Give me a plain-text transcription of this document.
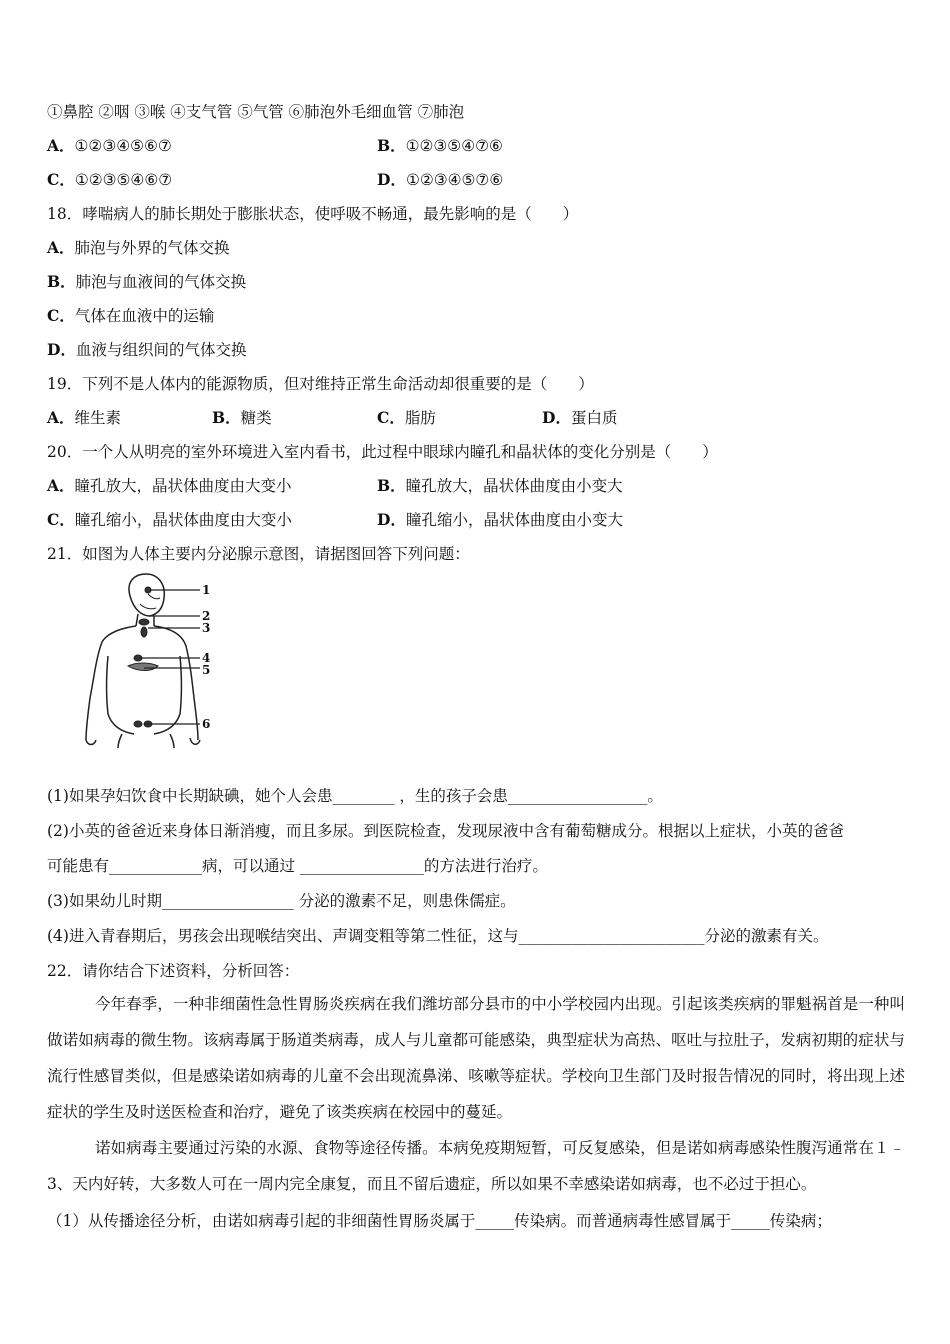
①鼻腔 ②咽 ③喉 ④支气管 ⑤气管 ⑥肺泡外毛细血管 ⑦肺泡
A．①②③④⑤⑥⑦	B．①②③⑤④⑦⑥
C．①②③⑤④⑥⑦	D．①②③④⑤⑦⑥
18．哮喘病人的肺长期处于膨胀状态，使呼吸不畅通，最先影响的是（　　）
A．肺泡与外界的气体交换
B．肺泡与血液间的气体交换
C．气体在血液中的运输
D．血液与组织间的气体交换
19．下列不是人体内的能源物质，但对维持正常生命活动却很重要的是（　　）
A．维生素	B．糖类	C．脂肪	D．蛋白质
20．一个人从明亮的室外环境进入室内看书，此过程中眼球内瞳孔和晶状体的变化分别是（　　）
A．瞳孔放大，晶状体曲度由大变小	B．瞳孔放大，晶状体曲度由小变大
C．瞳孔缩小，晶状体曲度由大变小	D．瞳孔缩小，晶状体曲度由小变大
21．如图为人体主要内分泌腺示意图，请据图回答下列问题：
1
2
3
4
5
6
(1)如果孕妇饮食中长期缺碘，她个人会患________ ，生的孩子会患__________________。
(2)小英的爸爸近来身体日渐消瘦，而且多尿。到医院检查，发现尿液中含有葡萄糖成分。根据以上症状，小英的爸爸
可能患有____________病，可以通过 ________________的方法进行治疗。
(3)如果幼儿时期_________________ 分泌的激素不足，则患侏儒症。
(4)进入青春期后，男孩会出现喉结突出、声调变粗等第二性征，这与________________________分泌的激素有关。
22．请你结合下述资料，分析回答：
今年春季，一种非细菌性急性胃肠炎疾病在我们潍坊部分县市的中小学校园内出现。引起该类疾病的罪魁祸首是一种叫做诺如病毒的微生物。该病毒属于肠道类病毒，成人与儿童都可能感染，典型症状为高热、呕吐与拉肚子，发病初期的症状与流行性感冒类似，但是感染诺如病毒的儿童不会出现流鼻涕、咳嗽等症状。学校向卫生部门及时报告情况的同时，将出现上述症状的学生及时送医检查和治疗，避免了该类疾病在校园中的蔓延。
诺如病毒主要通过污染的水源、食物等途径传播。本病免疫期短暂，可反复感染，但是诺如病毒感染性腹泻通常在１﹣3、天内好转，大多数人可在一周内完全康复，而且不留后遗症，所以如果不幸感染诺如病毒，也不必过于担心。
（1）从传播途径分析，由诺如病毒引起的非细菌性胃肠炎属于_____传染病。而普通病毒性感冒属于_____传染病；
